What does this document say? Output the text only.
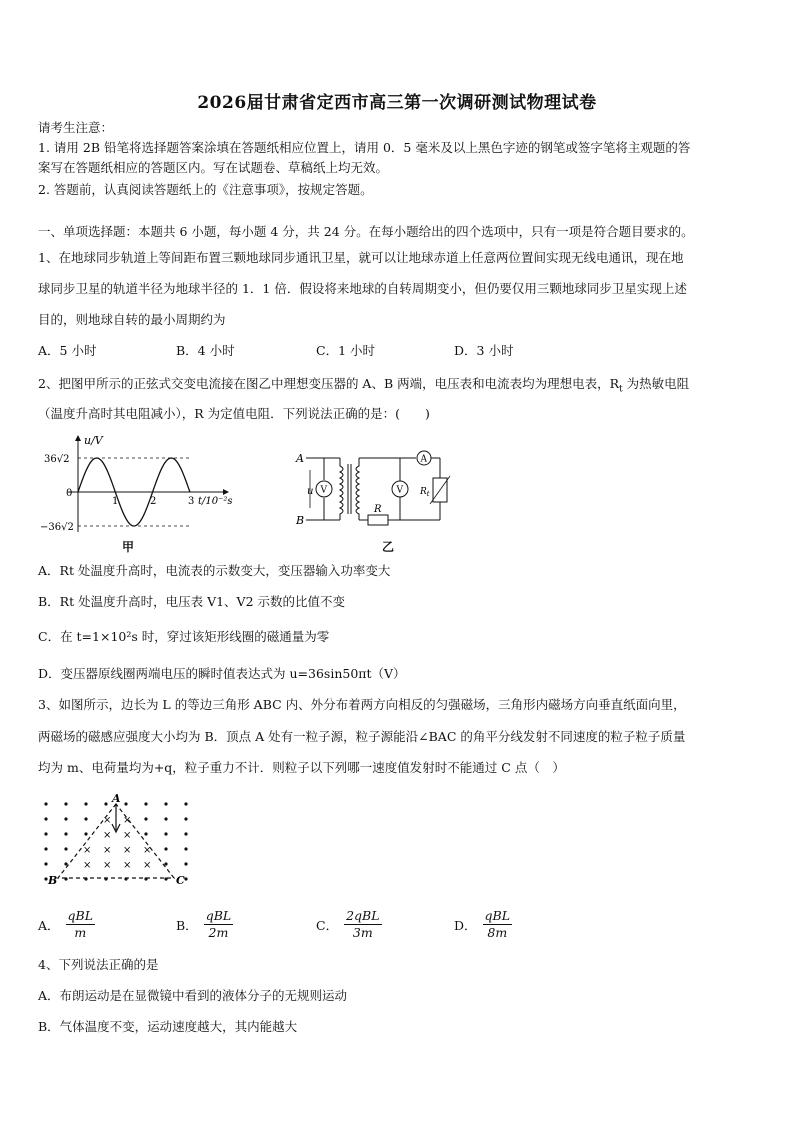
2026届甘肃省定西市高三第一次调研测试物理试卷
请考生注意：
1. 请用 2B 铅笔将选择题答案涂填在答题纸相应位置上，请用 0．5 毫米及以上黑色字迹的钢笔或签字笔将主观题的答
案写在答题纸相应的答题区内。写在试题卷、草稿纸上均无效。
2. 答题前，认真阅读答题纸上的《注意事项》，按规定答题。
一、单项选择题：本题共 6 小题，每小题 4 分，共 24 分。在每小题给出的四个选项中，只有一项是符合题目要求的。
1、在地球同步轨道上等间距布置三颗地球同步通讯卫星，就可以让地球赤道上任意两位置间实现无线电通讯，现在地
球同步卫星的轨道半径为地球半径的 1．1 倍．假设将来地球的自转周期变小，但仍要仅用三颗地球同步卫星实现上述
目的，则地球自转的最小周期约为
A．5 小时	B．4 小时	C．1 小时	D．3 小时
2、把图甲所示的正弦式交变电流接在图乙中理想变压器的 A、B 两端，电压表和电流表均为理想电表，$R_t$ 为热敏电阻
（温度升高时其电阻减小），R 为定值电阻．下列说法正确的是：(　　)
u/V
36√2
0
−36√2
1	2	3 t/10⁻²s
甲
A
B
u V
A
$R_t$
V
R
乙
A．Rt 处温度升高时，电流表的示数变大，变压器输入功率变大
B．Rt 处温度升高时，电压表 V1、V2 示数的比值不变
C．在 t=1×10²s 时，穿过该矩形线圈的磁通量为零
D．变压器原线圈两端电压的瞬时值表达式为 u=36sin50πt（V）
3、如图所示，边长为 L 的等边三角形 ABC 内、外分布着两方向相反的匀强磁场，三角形内磁场方向垂直纸面向里，
两磁场的磁感应强度大小均为 B．顶点 A 处有一粒子源，粒子源能沿∠BAC 的角平分线发射不同速度的粒子粒子质量
均为 m、电荷量均为+q，粒子重力不计．则粒子以下列哪一速度值发射时不能通过 C 点（　）
× ×
× ×
× × × ×
× × × ×
A
B	C
A．
qBL
m	B．
qBL
2m	C．
2qBL
3m	D．
qBL
8m
4、下列说法正确的是
A．布朗运动是在显微镜中看到的液体分子的无规则运动
B．气体温度不变，运动速度越大，其内能越大
